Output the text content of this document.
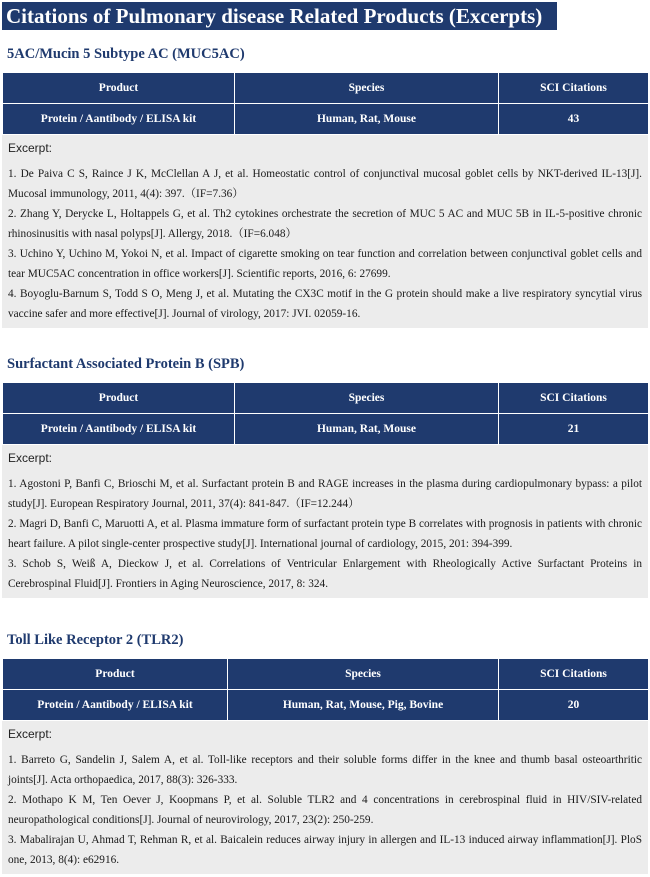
Citations of Pulmonary disease Related Products (Excerpts)
5AC/Mucin 5 Subtype AC (MUC5AC)
Product	Species	SCI Citations
Protein / Aantibody / ELISA kit	Human, Rat, Mouse	43
Excerpt:

1. De Paiva C S, Raince J K, McClellan A J, et al. Homeostatic control of conjunctival mucosal goblet cells by NKT-derived IL-13[J]. Mucosal immunology, 2011, 4(4): 397.（IF=7.36）

2. Zhang Y, Derycke L, Holtappels G, et al. Th2 cytokines orchestrate the secretion of MUC 5 AC and MUC 5B in IL-5-positive chronic rhinosinusitis with nasal polyps[J]. Allergy, 2018.（IF=6.048）

3. Uchino Y, Uchino M, Yokoi N, et al. Impact of cigarette smoking on tear function and correlation between conjunctival goblet cells and tear MUC5AC concentration in office workers[J]. Scientific reports, 2016, 6: 27699.

4. Boyoglu-Barnum S, Todd S O, Meng J, et al. Mutating the CX3C motif in the G protein should make a live respiratory syncytial virus vaccine safer and more effective[J]. Journal of virology, 2017: JVI. 02059-16.

Surfactant Associated Protein B (SPB)
Product	Species	SCI Citations
Protein / Aantibody / ELISA kit	Human, Rat, Mouse	21
Excerpt:

1. Agostoni P, Banfi C, Brioschi M, et al. Surfactant protein B and RAGE increases in the plasma during cardiopulmonary bypass: a pilot study[J]. European Respiratory Journal, 2011, 37(4): 841-847.（IF=12.244）

2. Magri D, Banfi C, Maruotti A, et al. Plasma immature form of surfactant protein type B correlates with prognosis in patients with chronic heart failure. A pilot single-center prospective study[J]. International journal of cardiology, 2015, 201: 394-399.

3. Schob S, Weiß A, Dieckow J, et al. Correlations of Ventricular Enlargement with Rheologically Active Surfactant Proteins in Cerebrospinal Fluid[J]. Frontiers in Aging Neuroscience, 2017, 8: 324.

Toll Like Receptor 2 (TLR2)
Product	Species	SCI Citations
Protein / Aantibody / ELISA kit	Human, Rat, Mouse, Pig, Bovine	20
Excerpt:

1. Barreto G, Sandelin J, Salem A, et al. Toll-like receptors and their soluble forms differ in the knee and thumb basal osteoarthritic joints[J]. Acta orthopaedica, 2017, 88(3): 326-333.

2. Mothapo K M, Ten Oever J, Koopmans P, et al. Soluble TLR2 and 4 concentrations in cerebrospinal fluid in HIV/SIV-related neuropathological conditions[J]. Journal of neurovirology, 2017, 23(2): 250-259.

3. Mabalirajan U, Ahmad T, Rehman R, et al. Baicalein reduces airway injury in allergen and IL-13 induced airway inflammation[J]. PloS one, 2013, 8(4): e62916.
